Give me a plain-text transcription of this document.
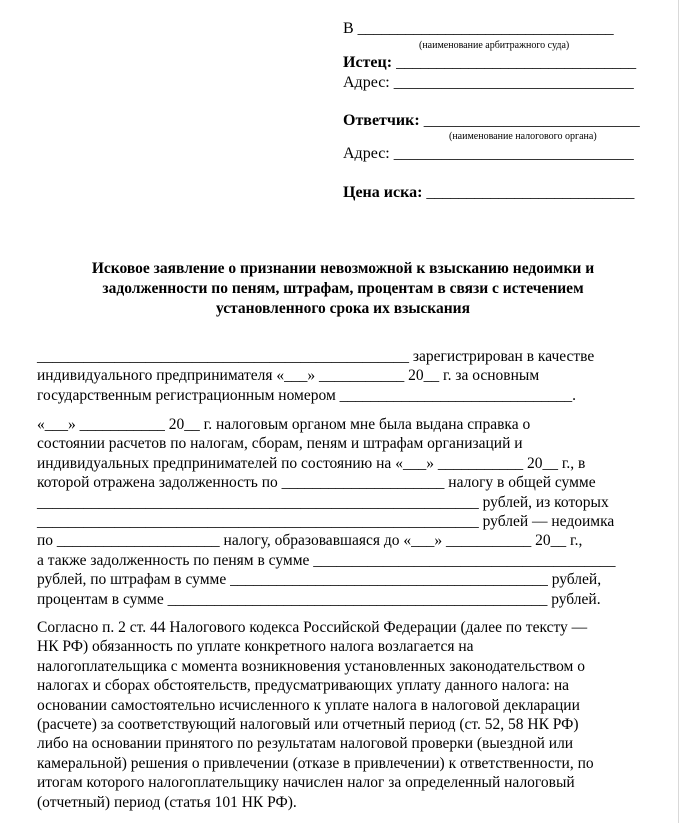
В ________________________________
(наименование арбитражного суда)
Истец: ______________________________
Адрес: ______________________________
Ответчик: ___________________________
(наименование налогового органа)
Адрес: ______________________________
Цена иска: __________________________
Исковое заявление о признании невозможной к взысканию недоимки и
задолженности по пеням, штрафам, процентам в связи с истечением
установленного срока их взыскания
________________________________________________ зарегистрирован в качестве
индивидуального предпринимателя «___» ___________ 20__ г. за основным
государственным регистрационным номером ______________________________.
«___» ___________ 20__ г. налоговым органом мне была выдана справка о
состоянии расчетов по налогам, сборам, пеням и штрафам организаций и
индивидуальных предпринимателей по состоянию на «___» ___________ 20__ г., в
которой отражена задолженность по _____________________ налогу в общей сумме
_________________________________________________________ рублей, из которых
_________________________________________________________ рублей — недоимка
по _____________________ налогу, образовавшаяся до «___» ___________ 20__ г.,
а также задолженность по пеням в сумме _______________________________________
рублей, по штрафам в сумме _________________________________________ рублей,
процентам в сумме _________________________________________________ рублей.
Согласно п. 2 ст. 44 Налогового кодекса Российской Федерации (далее по тексту —
НК РФ) обязанность по уплате конкретного налога возлагается на
налогоплательщика с момента возникновения установленных законодательством о
налогах и сборах обстоятельств, предусматривающих уплату данного налога: на
основании самостоятельно исчисленного к уплате налога в налоговой декларации
(расчете) за соответствующий налоговый или отчетный период (ст. 52, 58 НК РФ)
либо на основании принятого по результатам налоговой проверки (выездной или
камеральной) решения о привлечении (отказе в привлечении) к ответственности, по
итогам которого налогоплательщику начислен налог за определенный налоговый
(отчетный) период (статья 101 НК РФ).
